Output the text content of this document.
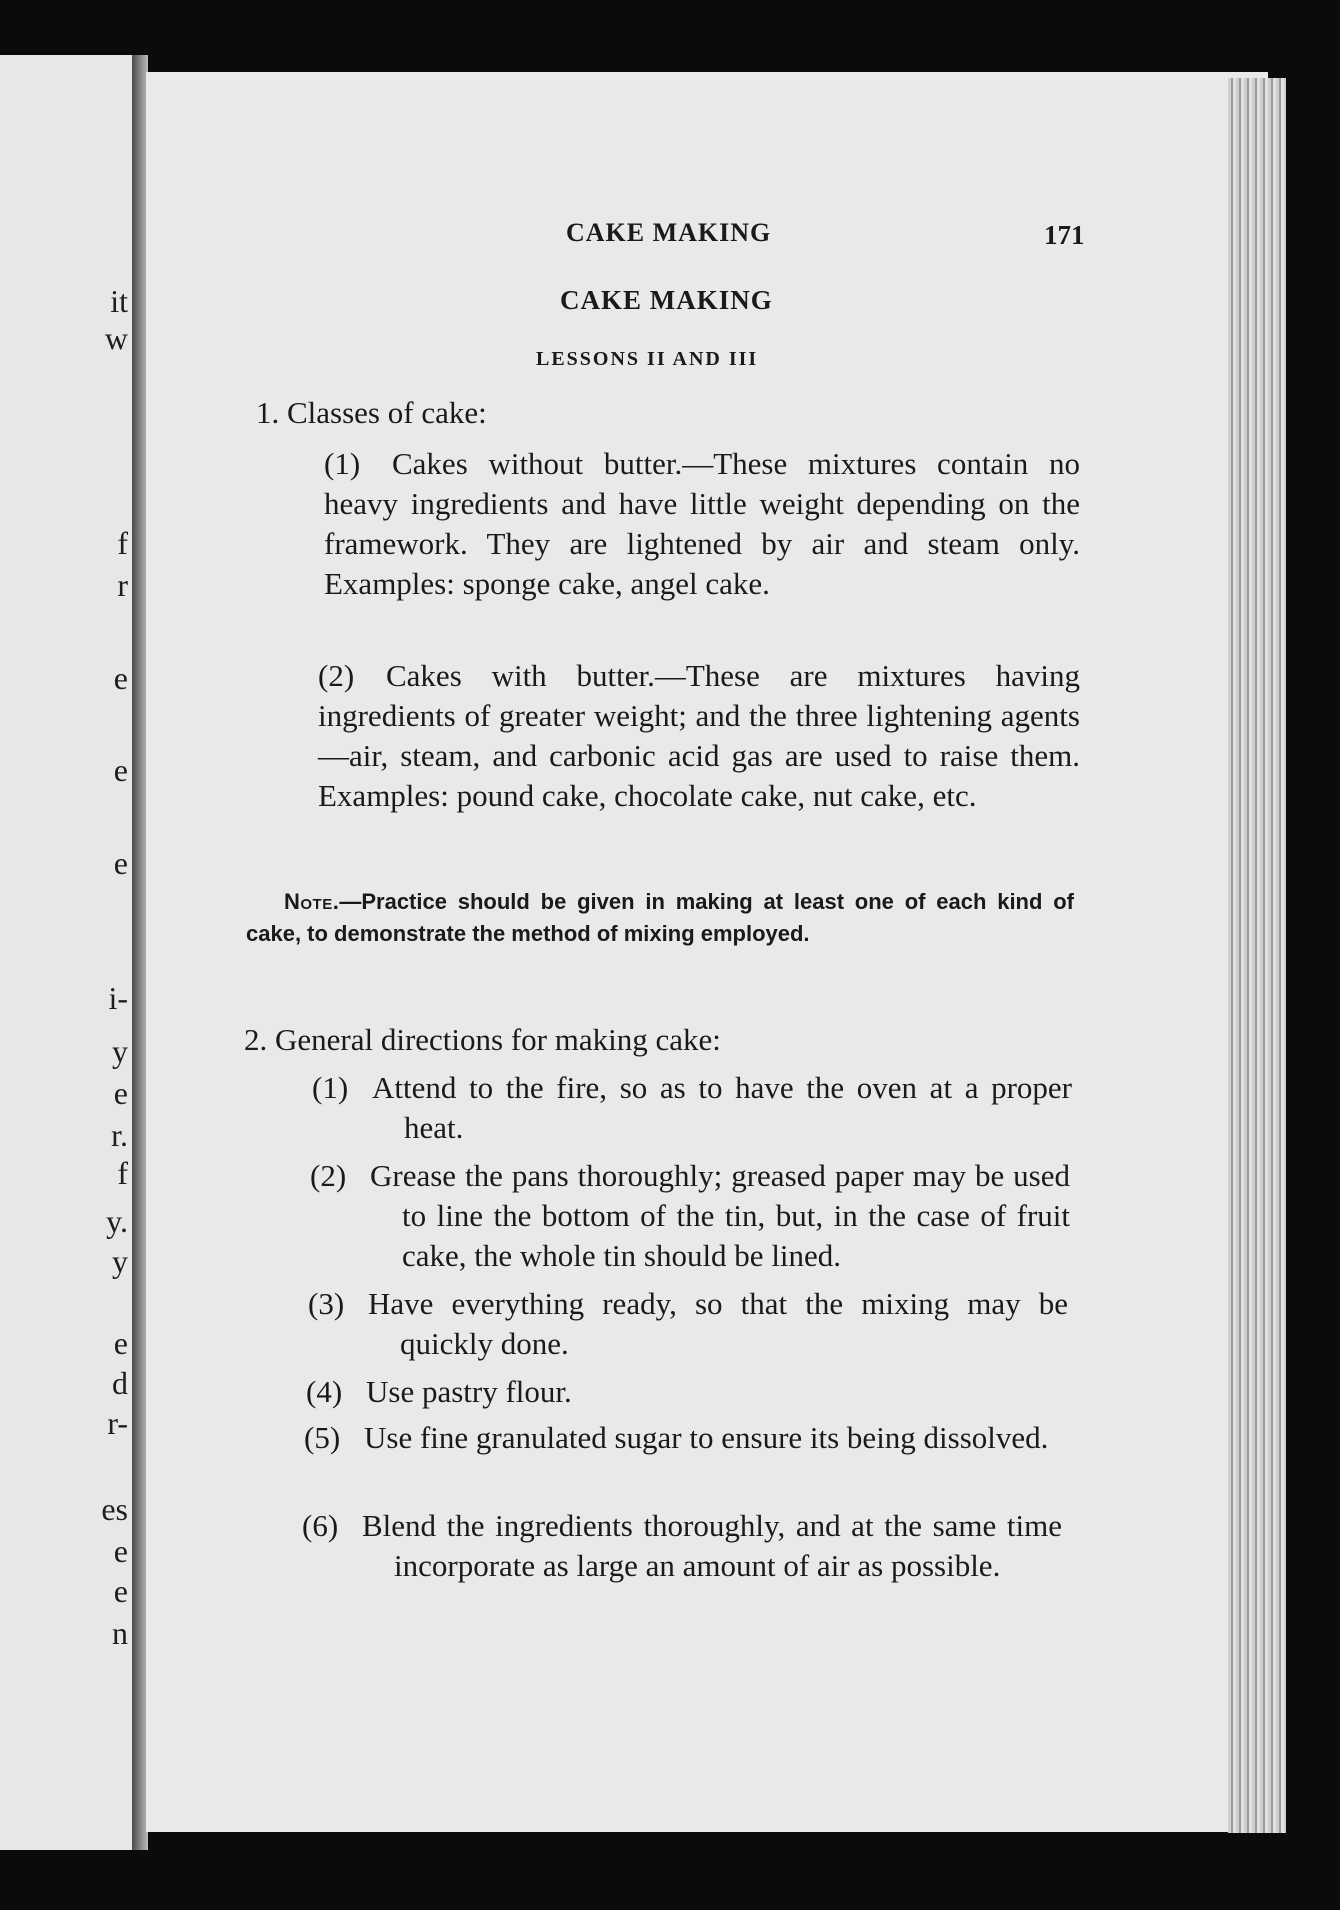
it
w
f
r
e
e
e
i-
y
e
r.
f
y.
y
e
d
r-
es
e
e
n
CAKE MAKING	171
CAKE MAKING
LESSONS II AND III
1. Classes of cake:
(1)	Cakes without butter.—These mixtures contain no heavy ingredients and have little weight depending on the framework. They are lightened by air and steam only. Examples: sponge cake, angel cake.
(2)	Cakes with butter.—These are mixtures having ingredients of greater weight; and the three lightening agents—air, steam, and carbonic acid gas are used to raise them. Examples: pound cake, chocolate cake, nut cake, etc.
Note.—Practice should be given in making at least one of each kind of cake, to demonstrate the method of mixing employed.
2. General directions for making cake:
(1) Attend to the fire, so as to have the oven at a proper heat.
(2) Grease the pans thoroughly; greased paper may be used to line the bottom of the tin, but, in the case of fruit cake, the whole tin should be lined.
(3) Have everything ready, so that the mixing may be quickly done.
(4) Use pastry flour.
(5) Use fine granulated sugar to ensure its being dissolved.
(6) Blend the ingredients thoroughly, and at the same time incorporate as large an amount of air as possible.
